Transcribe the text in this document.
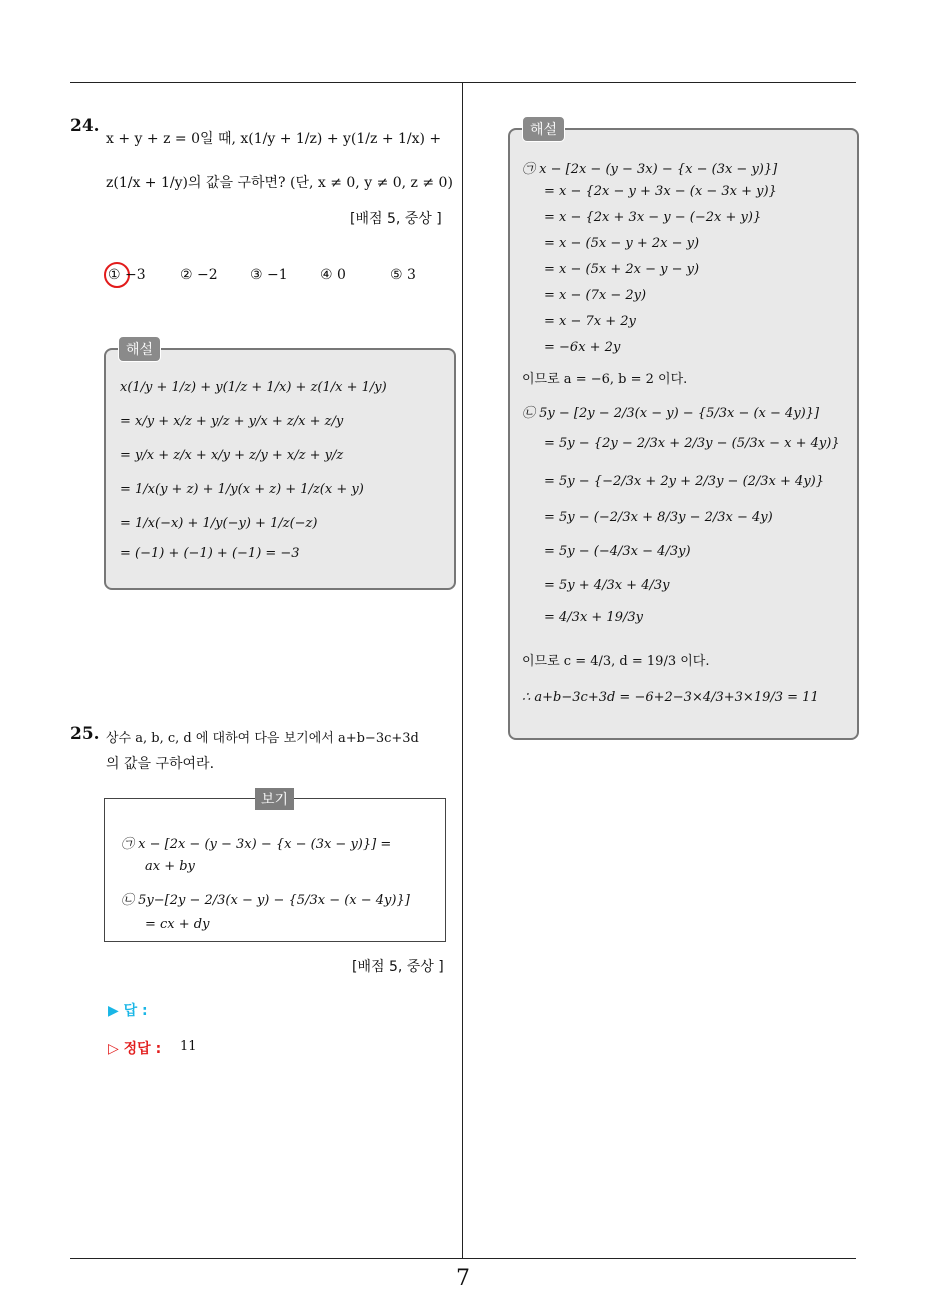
24.
x + y + z = 0일 때, x(1/y + 1/z) + y(1/z + 1/x) +
z(1/x + 1/y)의 값을 구하면? (단, x ≠ 0, y ≠ 0, z ≠ 0)
[배점 5, 중상 ]
① −3 ② −2 ③ −1 ④ 0	⑤ 3
x(1/y + 1/z) + y(1/z + 1/x) + z(1/x + 1/y)
= x/y + x/z + y/z + y/x + z/x + z/y
= y/x + z/x + x/y + z/y + x/z + y/z
= 1/x(y + z) + 1/y(x + z) + 1/z(x + y)
= 1/x(−x) + 1/y(−y) + 1/z(−z)
= (−1) + (−1) + (−1) = −3
해설
25. 상수 a, b, c, d 에 대하여 다음 보기에서 a+b−3c+3d
의 값을 구하여라.
㉠ x − [2x − (y − 3x) − {x − (3x − y)}] =
ax + by
㉡ 5y−[2y − 2/3(x − y) − {5/3x − (x − 4y)}]
= cx + dy
보기
[배점 5, 중상 ]
▶ 답 :
▷ 정답 : 11
㉠ x − [2x − (y − 3x) − {x − (3x − y)}]
= x − {2x − y + 3x − (x − 3x + y)}
= x − {2x + 3x − y − (−2x + y)}
= x − (5x − y + 2x − y)
= x − (5x + 2x − y − y)
= x − (7x − 2y)
= x − 7x + 2y
= −6x + 2y
이므로 a = −6, b = 2 이다.
㉡ 5y − [2y − 2/3(x − y) − {5/3x − (x − 4y)}]
= 5y − {2y − 2/3x + 2/3y − (5/3x − x + 4y)}
= 5y − {−2/3x + 2y + 2/3y − (2/3x + 4y)}
= 5y − (−2/3x + 8/3y − 2/3x − 4y)
= 5y − (−4/3x − 4/3y)
= 5y + 4/3x + 4/3y
= 4/3x + 19/3y
이므로 c = 4/3, d = 19/3 이다.
∴ a+b−3c+3d = −6+2−3×4/3+3×19/3 = 11
해설
7
